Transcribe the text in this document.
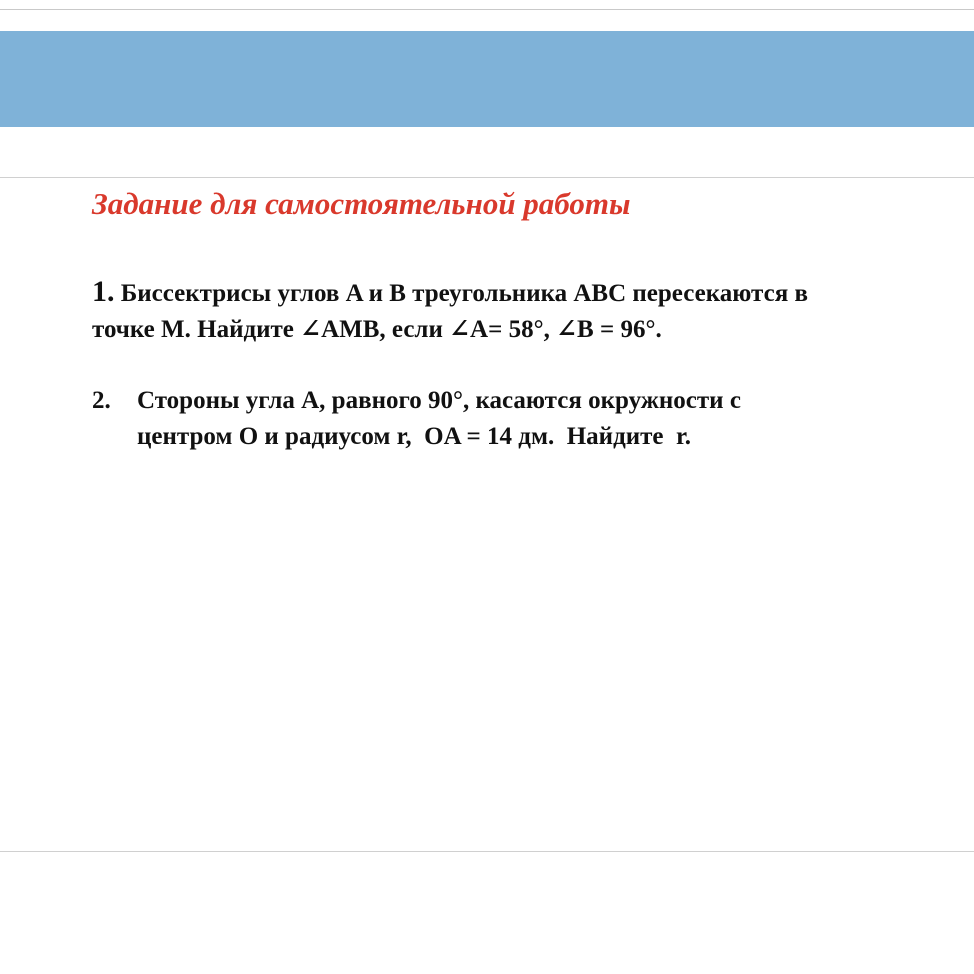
Задание для самостоятельной работы
1. Биссектрисы углов A и B треугольника ABC пересекаются в
точке M. Найдите ∠AMB, если ∠A= 58°, ∠B = 96°.
2. Стороны угла A, равного 90°, касаются окружности с
центром O и радиусом r,  OA = 14 дм.  Найдите  r.
